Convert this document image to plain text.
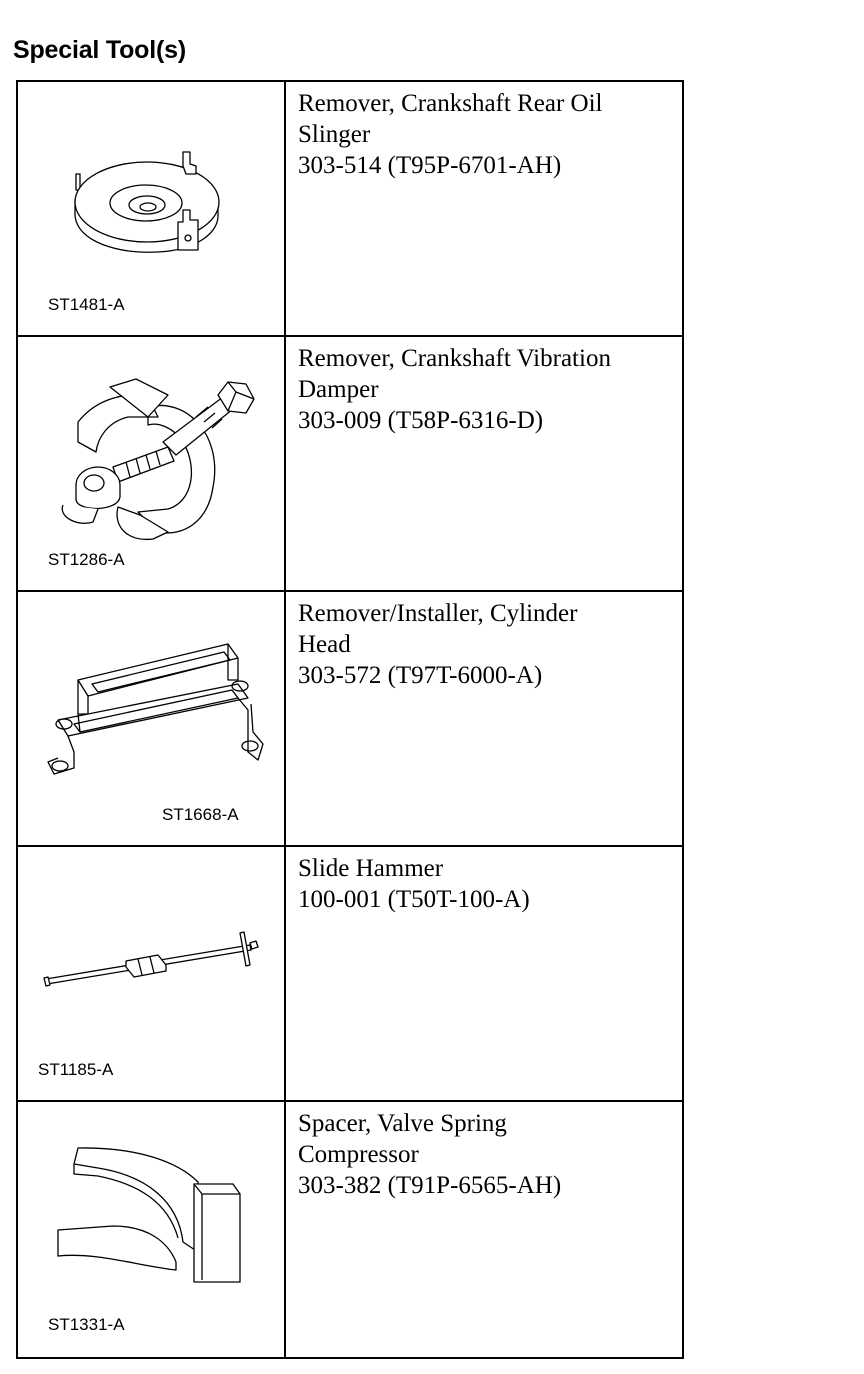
Special Tool(s)
ST1481-A
Remover, Crankshaft Rear Oil
Slinger
303-514 (T95P-6701-AH)
ST1286-A
Remover, Crankshaft Vibration
Damper
303-009 (T58P-6316-D)
ST1668-A
Remover/Installer, Cylinder
Head
303-572 (T97T-6000-A)
ST1185-A
Slide Hammer
100-001 (T50T-100-A)
ST1331-A
Spacer, Valve Spring
Compressor
303-382 (T91P-6565-AH)
